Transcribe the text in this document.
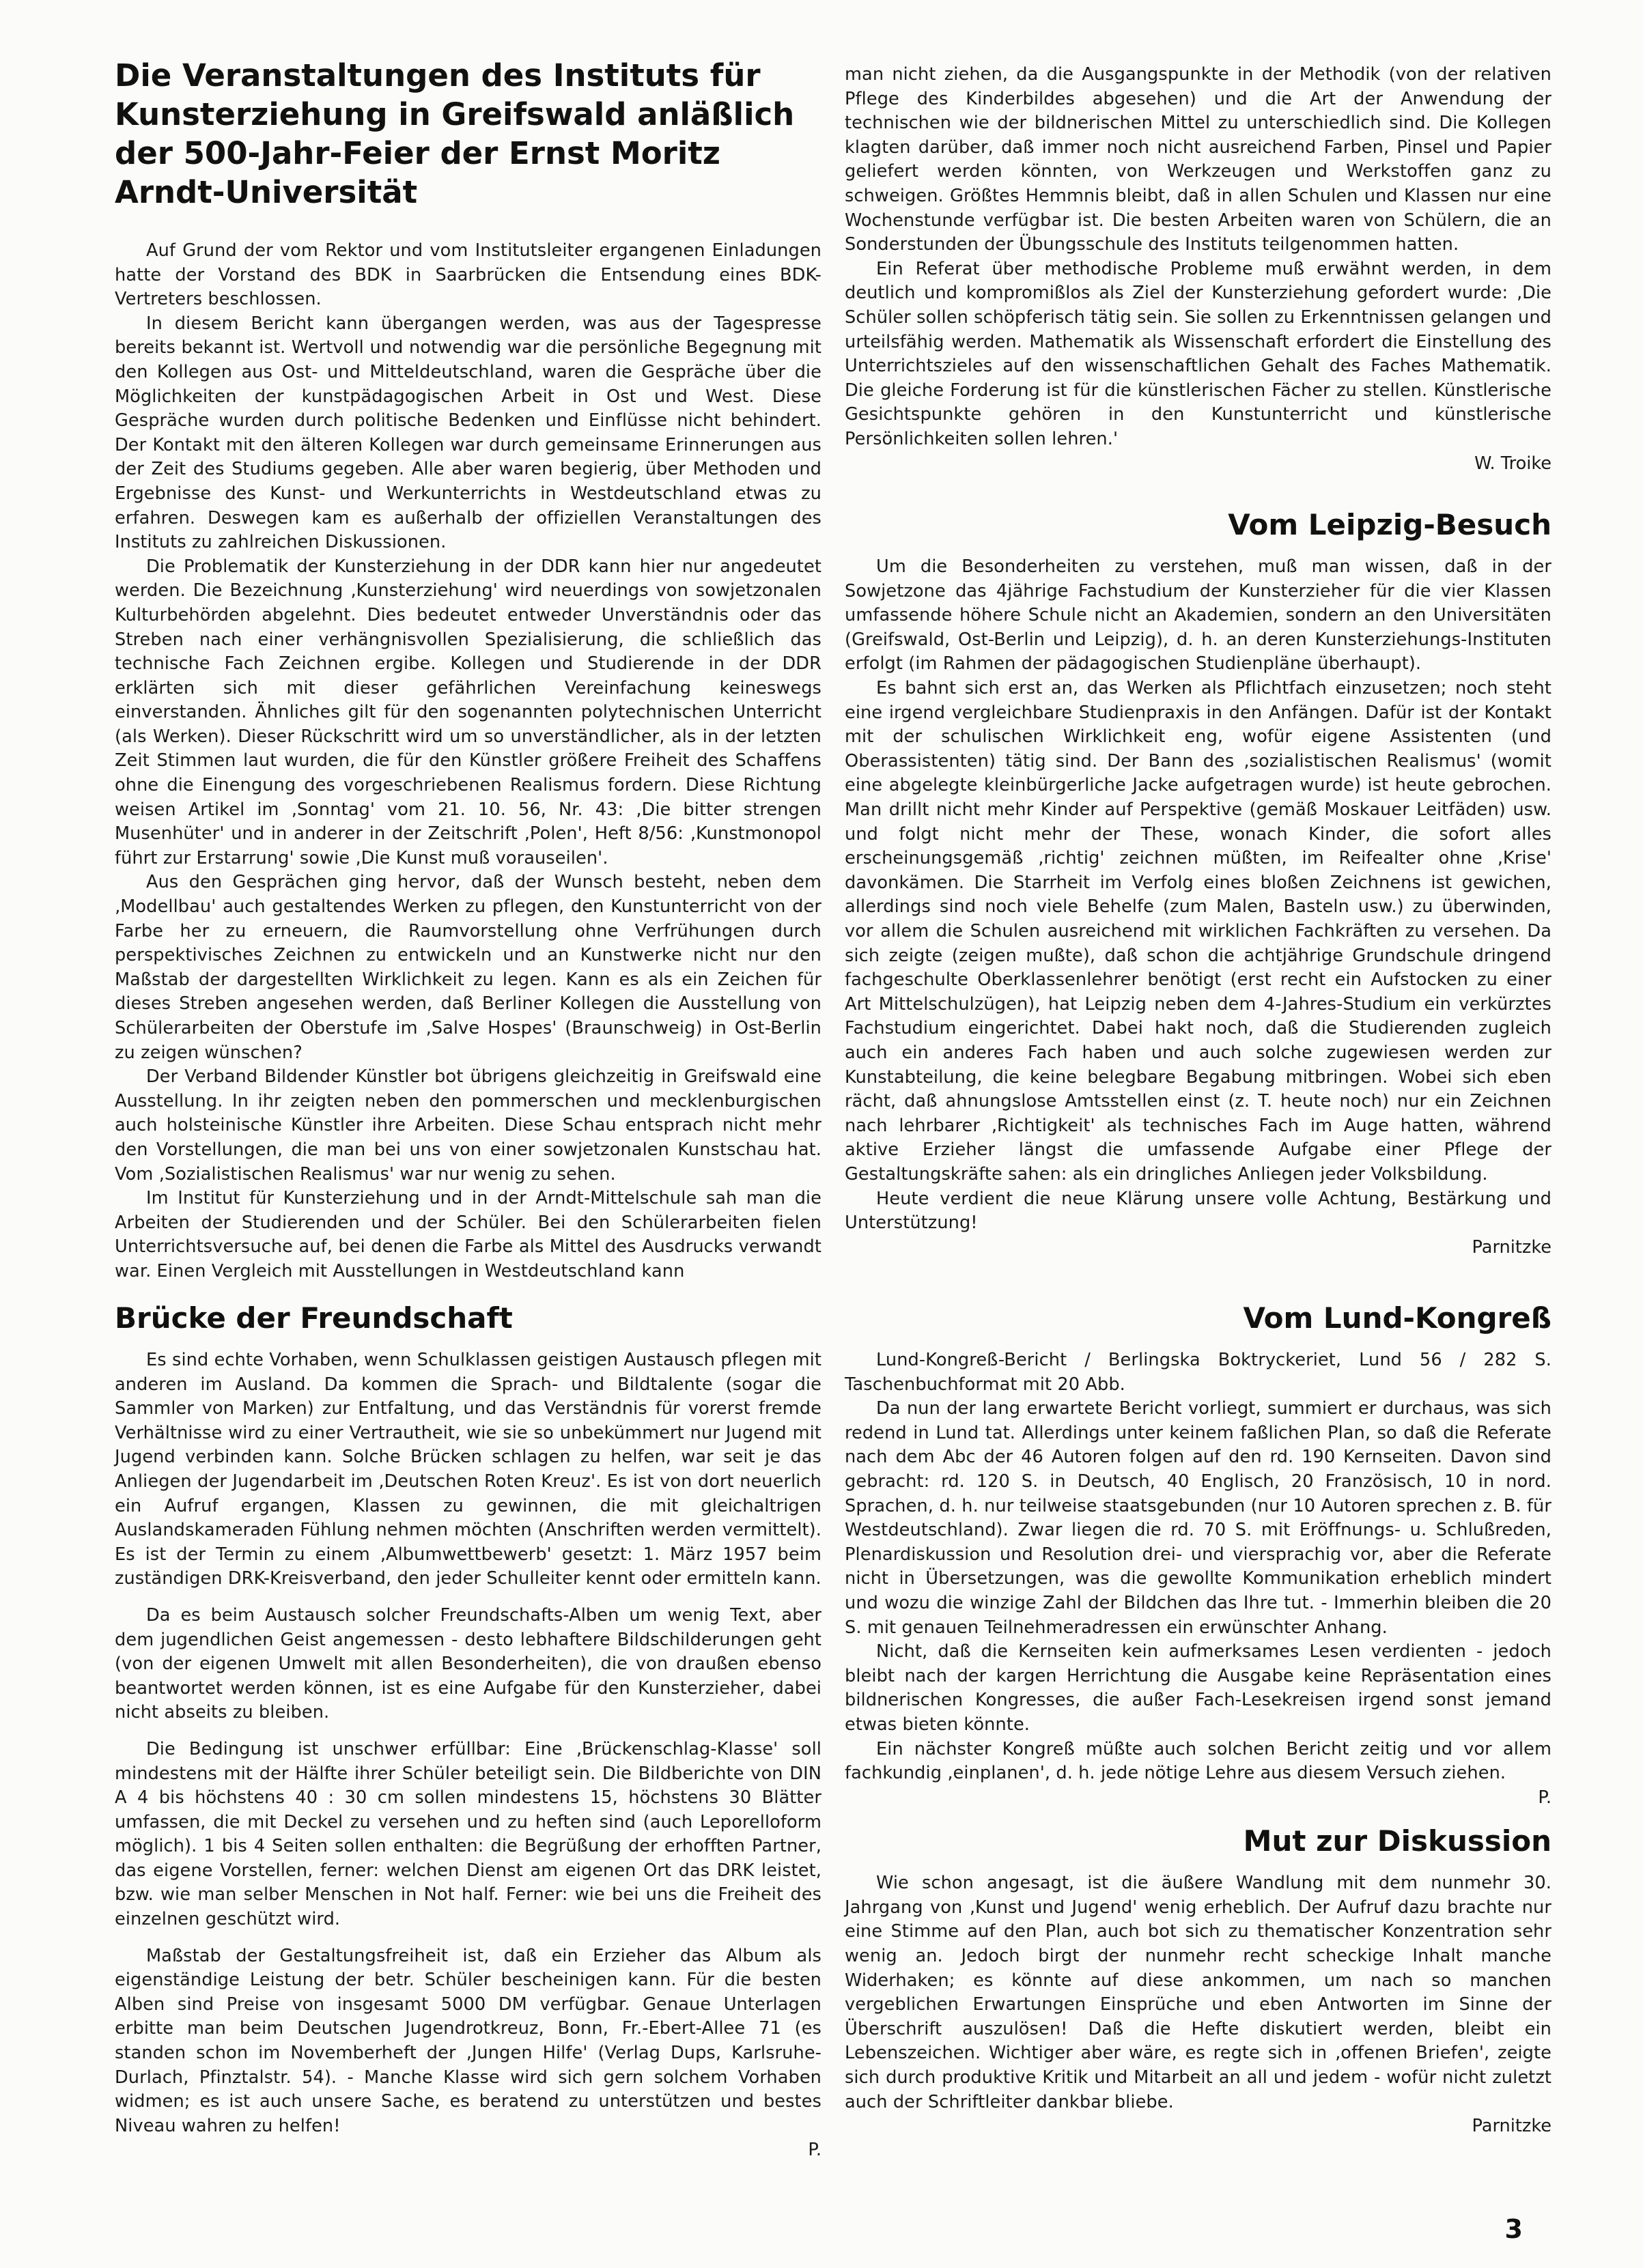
Die Veranstaltungen des Instituts für Kunsterziehung in Greifswald anläßlich der 500-Jahr-Feier der Ernst Moritz Arndt-Universität

Auf Grund der vom Rektor und vom Institutsleiter ergangenen Einladungen hatte der Vorstand des BDK in Saarbrücken die Entsendung eines BDK-Vertreters beschlossen.

In diesem Bericht kann übergangen werden, was aus der Tagespresse bereits bekannt ist. Wertvoll und notwendig war die persönliche Begegnung mit den Kollegen aus Ost- und Mitteldeutschland, waren die Gespräche über die Möglichkeiten der kunstpädagogischen Arbeit in Ost und West. Diese Gespräche wurden durch politische Bedenken und Einflüsse nicht behindert. Der Kontakt mit den älteren Kollegen war durch gemeinsame Erinnerungen aus der Zeit des Studiums gegeben. Alle aber waren begierig, über Methoden und Ergebnisse des Kunst- und Werkunterrichts in Westdeutschland etwas zu erfahren. Deswegen kam es außerhalb der offiziellen Veranstaltungen des Instituts zu zahlreichen Diskussionen.

Die Problematik der Kunsterziehung in der DDR kann hier nur angedeutet werden. Die Bezeichnung ‚Kunsterziehung' wird neuerdings von sowjetzonalen Kulturbehörden abgelehnt. Dies bedeutet entweder Unverständnis oder das Streben nach einer verhängnisvollen Spezialisierung, die schließlich das technische Fach Zeichnen ergibe. Kollegen und Studierende in der DDR erklärten sich mit dieser gefährlichen Vereinfachung keineswegs einverstanden. Ähnliches gilt für den sogenannten polytechnischen Unterricht (als Werken). Dieser Rückschritt wird um so unverständlicher, als in der letzten Zeit Stimmen laut wurden, die für den Künstler größere Freiheit des Schaffens ohne die Einengung des vorgeschriebenen Realismus fordern. Diese Richtung weisen Artikel im ‚Sonntag' vom 21. 10. 56, Nr. 43: ‚Die bitter strengen Musenhüter' und in anderer in der Zeitschrift ‚Polen', Heft 8/56: ‚Kunstmonopol führt zur Erstarrung' sowie ‚Die Kunst muß vorauseilen'.

Aus den Gesprächen ging hervor, daß der Wunsch besteht, neben dem ‚Modellbau' auch gestaltendes Werken zu pflegen, den Kunstunterricht von der Farbe her zu erneuern, die Raumvorstellung ohne Verfrühungen durch perspektivisches Zeichnen zu entwickeln und an Kunstwerke nicht nur den Maßstab der dargestellten Wirklichkeit zu legen. Kann es als ein Zeichen für dieses Streben angesehen werden, daß Berliner Kollegen die Ausstellung von Schülerarbeiten der Oberstufe im ‚Salve Hospes' (Braunschweig) in Ost-Berlin zu zeigen wünschen?

Der Verband Bildender Künstler bot übrigens gleichzeitig in Greifswald eine Ausstellung. In ihr zeigten neben den pommerschen und mecklenburgischen auch holsteinische Künstler ihre Arbeiten. Diese Schau entsprach nicht mehr den Vorstellungen, die man bei uns von einer sowjetzonalen Kunstschau hat. Vom ‚Sozialistischen Realismus' war nur wenig zu sehen.

Im Institut für Kunsterziehung und in der Arndt-Mittelschule sah man die Arbeiten der Studierenden und der Schüler. Bei den Schülerarbeiten fielen Unterrichtsversuche auf, bei denen die Farbe als Mittel des Ausdrucks verwandt war. Einen Vergleich mit Ausstellungen in Westdeutschland kann

man nicht ziehen, da die Ausgangspunkte in der Methodik (von der relativen Pflege des Kinderbildes abgesehen) und die Art der Anwendung der technischen wie der bildnerischen Mittel zu unterschiedlich sind. Die Kollegen klagten darüber, daß immer noch nicht ausreichend Farben, Pinsel und Papier geliefert werden könnten, von Werkzeugen und Werkstoffen ganz zu schweigen. Größtes Hemmnis bleibt, daß in allen Schulen und Klassen nur eine Wochenstunde verfügbar ist. Die besten Arbeiten waren von Schülern, die an Sonderstunden der Übungsschule des Instituts teilgenommen hatten.

Ein Referat über methodische Probleme muß erwähnt werden, in dem deutlich und kompromißlos als Ziel der Kunsterziehung gefordert wurde: ‚Die Schüler sollen schöpferisch tätig sein. Sie sollen zu Erkenntnissen gelangen und urteilsfähig werden. Mathematik als Wissenschaft erfordert die Einstellung des Unterrichtszieles auf den wissenschaftlichen Gehalt des Faches Mathematik. Die gleiche Forderung ist für die künstlerischen Fächer zu stellen. Künstlerische Gesichtspunkte gehören in den Kunstunterricht und künstlerische Persönlichkeiten sollen lehren.'

W. Troike

Vom Leipzig-Besuch

Um die Besonderheiten zu verstehen, muß man wissen, daß in der Sowjetzone das 4jährige Fachstudium der Kunsterzieher für die vier Klassen umfassende höhere Schule nicht an Akademien, sondern an den Universitäten (Greifswald, Ost-Berlin und Leipzig), d. h. an deren Kunsterziehungs-Instituten erfolgt (im Rahmen der pädagogischen Studienpläne überhaupt).

Es bahnt sich erst an, das Werken als Pflichtfach einzusetzen; noch steht eine irgend vergleichbare Studienpraxis in den Anfängen. Dafür ist der Kontakt mit der schulischen Wirklichkeit eng, wofür eigene Assistenten (und Oberassistenten) tätig sind. Der Bann des ‚sozialistischen Realismus' (womit eine abgelegte kleinbürgerliche Jacke aufgetragen wurde) ist heute gebrochen. Man drillt nicht mehr Kinder auf Perspektive (gemäß Moskauer Leitfäden) usw. und folgt nicht mehr der These, wonach Kinder, die sofort alles erscheinungsgemäß ‚richtig' zeichnen müßten, im Reifealter ohne ‚Krise' davonkämen. Die Starrheit im Verfolg eines bloßen Zeichnens ist gewichen, allerdings sind noch viele Behelfe (zum Malen, Basteln usw.) zu überwinden, vor allem die Schulen ausreichend mit wirklichen Fachkräften zu versehen. Da sich zeigte (zeigen mußte), daß schon die achtjährige Grundschule dringend fachgeschulte Oberklassenlehrer benötigt (erst recht ein Aufstocken zu einer Art Mittelschulzügen), hat Leipzig neben dem 4-Jahres-Studium ein verkürztes Fachstudium eingerichtet. Dabei hakt noch, daß die Studierenden zugleich auch ein anderes Fach haben und auch solche zugewiesen werden zur Kunstabteilung, die keine belegbare Begabung mitbringen. Wobei sich eben rächt, daß ahnungslose Amtsstellen einst (z. T. heute noch) nur ein Zeichnen nach lehrbarer ‚Richtigkeit' als technisches Fach im Auge hatten, während aktive Erzieher längst die umfassende Aufgabe einer Pflege der Gestaltungskräfte sahen: als ein dringliches Anliegen jeder Volksbildung.

Heute verdient die neue Klärung unsere volle Achtung, Bestärkung und Unterstützung!

Parnitzke

Brücke der Freundschaft

Es sind echte Vorhaben, wenn Schulklassen geistigen Austausch pflegen mit anderen im Ausland. Da kommen die Sprach- und Bildtalente (sogar die Sammler von Marken) zur Entfaltung, und das Verständnis für vorerst fremde Verhältnisse wird zu einer Vertrautheit, wie sie so unbekümmert nur Jugend mit Jugend verbinden kann. Solche Brücken schlagen zu helfen, war seit je das Anliegen der Jugendarbeit im ‚Deutschen Roten Kreuz'. Es ist von dort neuerlich ein Aufruf ergangen, Klassen zu gewinnen, die mit gleichaltrigen Auslandskameraden Fühlung nehmen möchten (Anschriften werden vermittelt). Es ist der Termin zu einem ‚Albumwettbewerb' gesetzt: 1. März 1957 beim zuständigen DRK-Kreisverband, den jeder Schulleiter kennt oder ermitteln kann.

Da es beim Austausch solcher Freundschafts-Alben um wenig Text, aber dem jugendlichen Geist angemessen - desto lebhaftere Bildschilderungen geht (von der eigenen Umwelt mit allen Besonderheiten), die von draußen ebenso beantwortet werden können, ist es eine Aufgabe für den Kunsterzieher, dabei nicht abseits zu bleiben.

Die Bedingung ist unschwer erfüllbar: Eine ‚Brückenschlag-Klasse' soll mindestens mit der Hälfte ihrer Schüler beteiligt sein. Die Bildberichte von DIN A 4 bis höchstens 40 : 30 cm sollen mindestens 15, höchstens 30 Blätter umfassen, die mit Deckel zu versehen und zu heften sind (auch Leporelloform möglich). 1 bis 4 Seiten sollen enthalten: die Begrüßung der erhofften Partner, das eigene Vorstellen, ferner: welchen Dienst am eigenen Ort das DRK leistet, bzw. wie man selber Menschen in Not half. Ferner: wie bei uns die Freiheit des einzelnen geschützt wird.

Maßstab der Gestaltungsfreiheit ist, daß ein Erzieher das Album als eigenständige Leistung der betr. Schüler bescheinigen kann. Für die besten Alben sind Preise von insgesamt 5000 DM verfügbar. Genaue Unterlagen erbitte man beim Deutschen Jugendrotkreuz, Bonn, Fr.-Ebert-Allee 71 (es standen schon im Novemberheft der ‚Jungen Hilfe' (Verlag Dups, Karlsruhe-Durlach, Pfinztalstr. 54). - Manche Klasse wird sich gern solchem Vorhaben widmen; es ist auch unsere Sache, es beratend zu unterstützen und bestes Niveau wahren zu helfen!

P.

Vom Lund-Kongreß

Lund-Kongreß-Bericht / Berlingska Boktryckeriet, Lund 56 / 282 S. Taschenbuchformat mit 20 Abb.

Da nun der lang erwartete Bericht vorliegt, summiert er durchaus, was sich redend in Lund tat. Allerdings unter keinem faßlichen Plan, so daß die Referate nach dem Abc der 46 Autoren folgen auf den rd. 190 Kernseiten. Davon sind gebracht: rd. 120 S. in Deutsch, 40 Englisch, 20 Französisch, 10 in nord. Sprachen, d. h. nur teilweise staatsgebunden (nur 10 Autoren sprechen z. B. für Westdeutschland). Zwar liegen die rd. 70 S. mit Eröffnungs- u. Schlußreden, Plenardiskussion und Resolution drei- und viersprachig vor, aber die Referate nicht in Übersetzungen, was die gewollte Kommunikation erheblich mindert und wozu die winzige Zahl der Bildchen das Ihre tut. - Immerhin bleiben die 20 S. mit genauen Teilnehmeradressen ein erwünschter Anhang.

Nicht, daß die Kernseiten kein aufmerksames Lesen verdienten - jedoch bleibt nach der kargen Herrichtung die Ausgabe keine Repräsentation eines bildnerischen Kongresses, die außer Fach-Lesekreisen irgend sonst jemand etwas bieten könnte.

Ein nächster Kongreß müßte auch solchen Bericht zeitig und vor allem fachkundig ‚einplanen', d. h. jede nötige Lehre aus diesem Versuch ziehen.

P.

Mut zur Diskussion

Wie schon angesagt, ist die äußere Wandlung mit dem nunmehr 30. Jahrgang von ‚Kunst und Jugend' wenig erheblich. Der Aufruf dazu brachte nur eine Stimme auf den Plan, auch bot sich zu thematischer Konzentration sehr wenig an. Jedoch birgt der nunmehr recht scheckige Inhalt manche Widerhaken; es könnte auf diese ankommen, um nach so manchen vergeblichen Erwartungen Einsprüche und eben Antworten im Sinne der Überschrift auszulösen! Daß die Hefte diskutiert werden, bleibt ein Lebenszeichen. Wichtiger aber wäre, es regte sich in ‚offenen Briefen', zeigte sich durch produktive Kritik und Mitarbeit an all und jedem - wofür nicht zuletzt auch der Schriftleiter dankbar bliebe.

Parnitzke

3
